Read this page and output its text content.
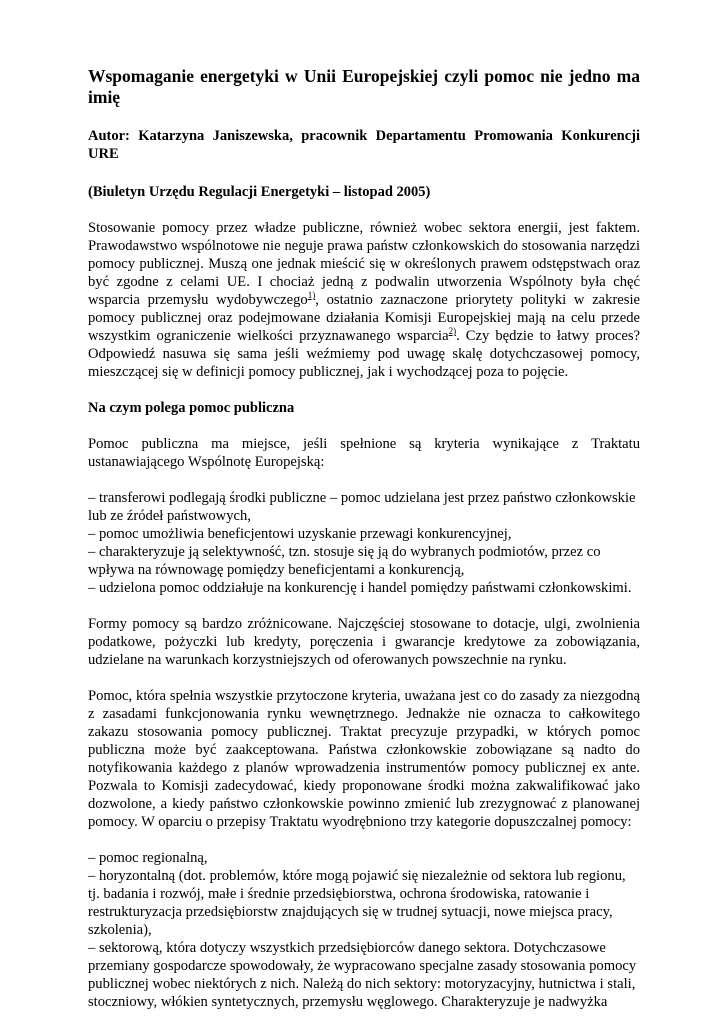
Wspomaganie energetyki w Unii Europejskiej czyli pomoc nie jedno ma imię
Autor: Katarzyna Janiszewska, pracownik Departamentu Promowania Konkurencji URE
(Biuletyn Urzędu Regulacji Energetyki – listopad 2005)
Stosowanie pomocy przez władze publiczne, również wobec sektora energii, jest faktem. Prawodawstwo wspólnotowe nie neguje prawa państw członkowskich do stosowania narzędzi pomocy publicznej. Muszą one jednak mieścić się w określonych prawem odstępstwach oraz być zgodne z celami UE. I chociaż jedną z podwalin utworzenia Wspólnoty była chęć wsparcia przemysłu wydobywczego$^{1)}$, ostatnio zaznaczone priorytety polityki w zakresie pomocy publicznej oraz podejmowane działania Komisji Europejskiej mają na celu przede wszystkim ograniczenie wielkości przyznawanego wsparcia$^{2)}$. Czy będzie to łatwy proces? Odpowiedź nasuwa się sama jeśli weźmiemy pod uwagę skalę dotychczasowej pomocy, mieszczącej się w definicji pomocy publicznej, jak i wychodzącej poza to pojęcie.
Na czym polega pomoc publiczna
Pomoc publiczna ma miejsce, jeśli spełnione są kryteria wynikające z Traktatu ustanawiającego Wspólnotę Europejską:
– transferowi podlegają środki publiczne – pomoc udzielana jest przez państwo członkowskie lub ze źródeł państwowych,
– pomoc umożliwia beneficjentowi uzyskanie przewagi konkurencyjnej,
– charakteryzuje ją selektywność, tzn. stosuje się ją do wybranych podmiotów, przez co wpływa na równowagę pomiędzy beneficjentami a konkurencją,
– udzielona pomoc oddziałuje na konkurencję i handel pomiędzy państwami członkowskimi.
Formy pomocy są bardzo zróżnicowane. Najczęściej stosowane to dotacje, ulgi, zwolnienia podatkowe, pożyczki lub kredyty, poręczenia i gwarancje kredytowe za zobowiązania, udzielane na warunkach korzystniejszych od oferowanych powszechnie na rynku.
Pomoc, która spełnia wszystkie przytoczone kryteria, uważana jest co do zasady za niezgodną z zasadami funkcjonowania rynku wewnętrznego. Jednakże nie oznacza to całkowitego zakazu stosowania pomocy publicznej. Traktat precyzuje przypadki, w których pomoc publiczna może być zaakceptowana. Państwa członkowskie zobowiązane są nadto do notyfikowania każdego z planów wprowadzenia instrumentów pomocy publicznej ex ante. Pozwala to Komisji zadecydować, kiedy proponowane środki można zakwalifikować jako dozwolone, a kiedy państwo członkowskie powinno zmienić lub zrezygnować z planowanej pomocy. W oparciu o przepisy Traktatu wyodrębniono trzy kategorie dopuszczalnej pomocy:
– pomoc regionalną,
– horyzontalną (dot. problemów, które mogą pojawić się niezależnie od sektora lub regionu, tj. badania i rozwój, małe i średnie przedsiębiorstwa, ochrona środowiska, ratowanie i restrukturyzacja przedsiębiorstw znajdujących się w trudnej sytuacji, nowe miejsca pracy, szkolenia),
– sektorową, która dotyczy wszystkich przedsiębiorców danego sektora. Dotychczasowe przemiany gospodarcze spowodowały, że wypracowano specjalne zasady stosowania pomocy publicznej wobec niektórych z nich. Należą do nich sektory: motoryzacyjny, hutnictwa i stali, stoczniowy, włókien syntetycznych, przemysłu węglowego. Charakteryzuje je nadwyżka
